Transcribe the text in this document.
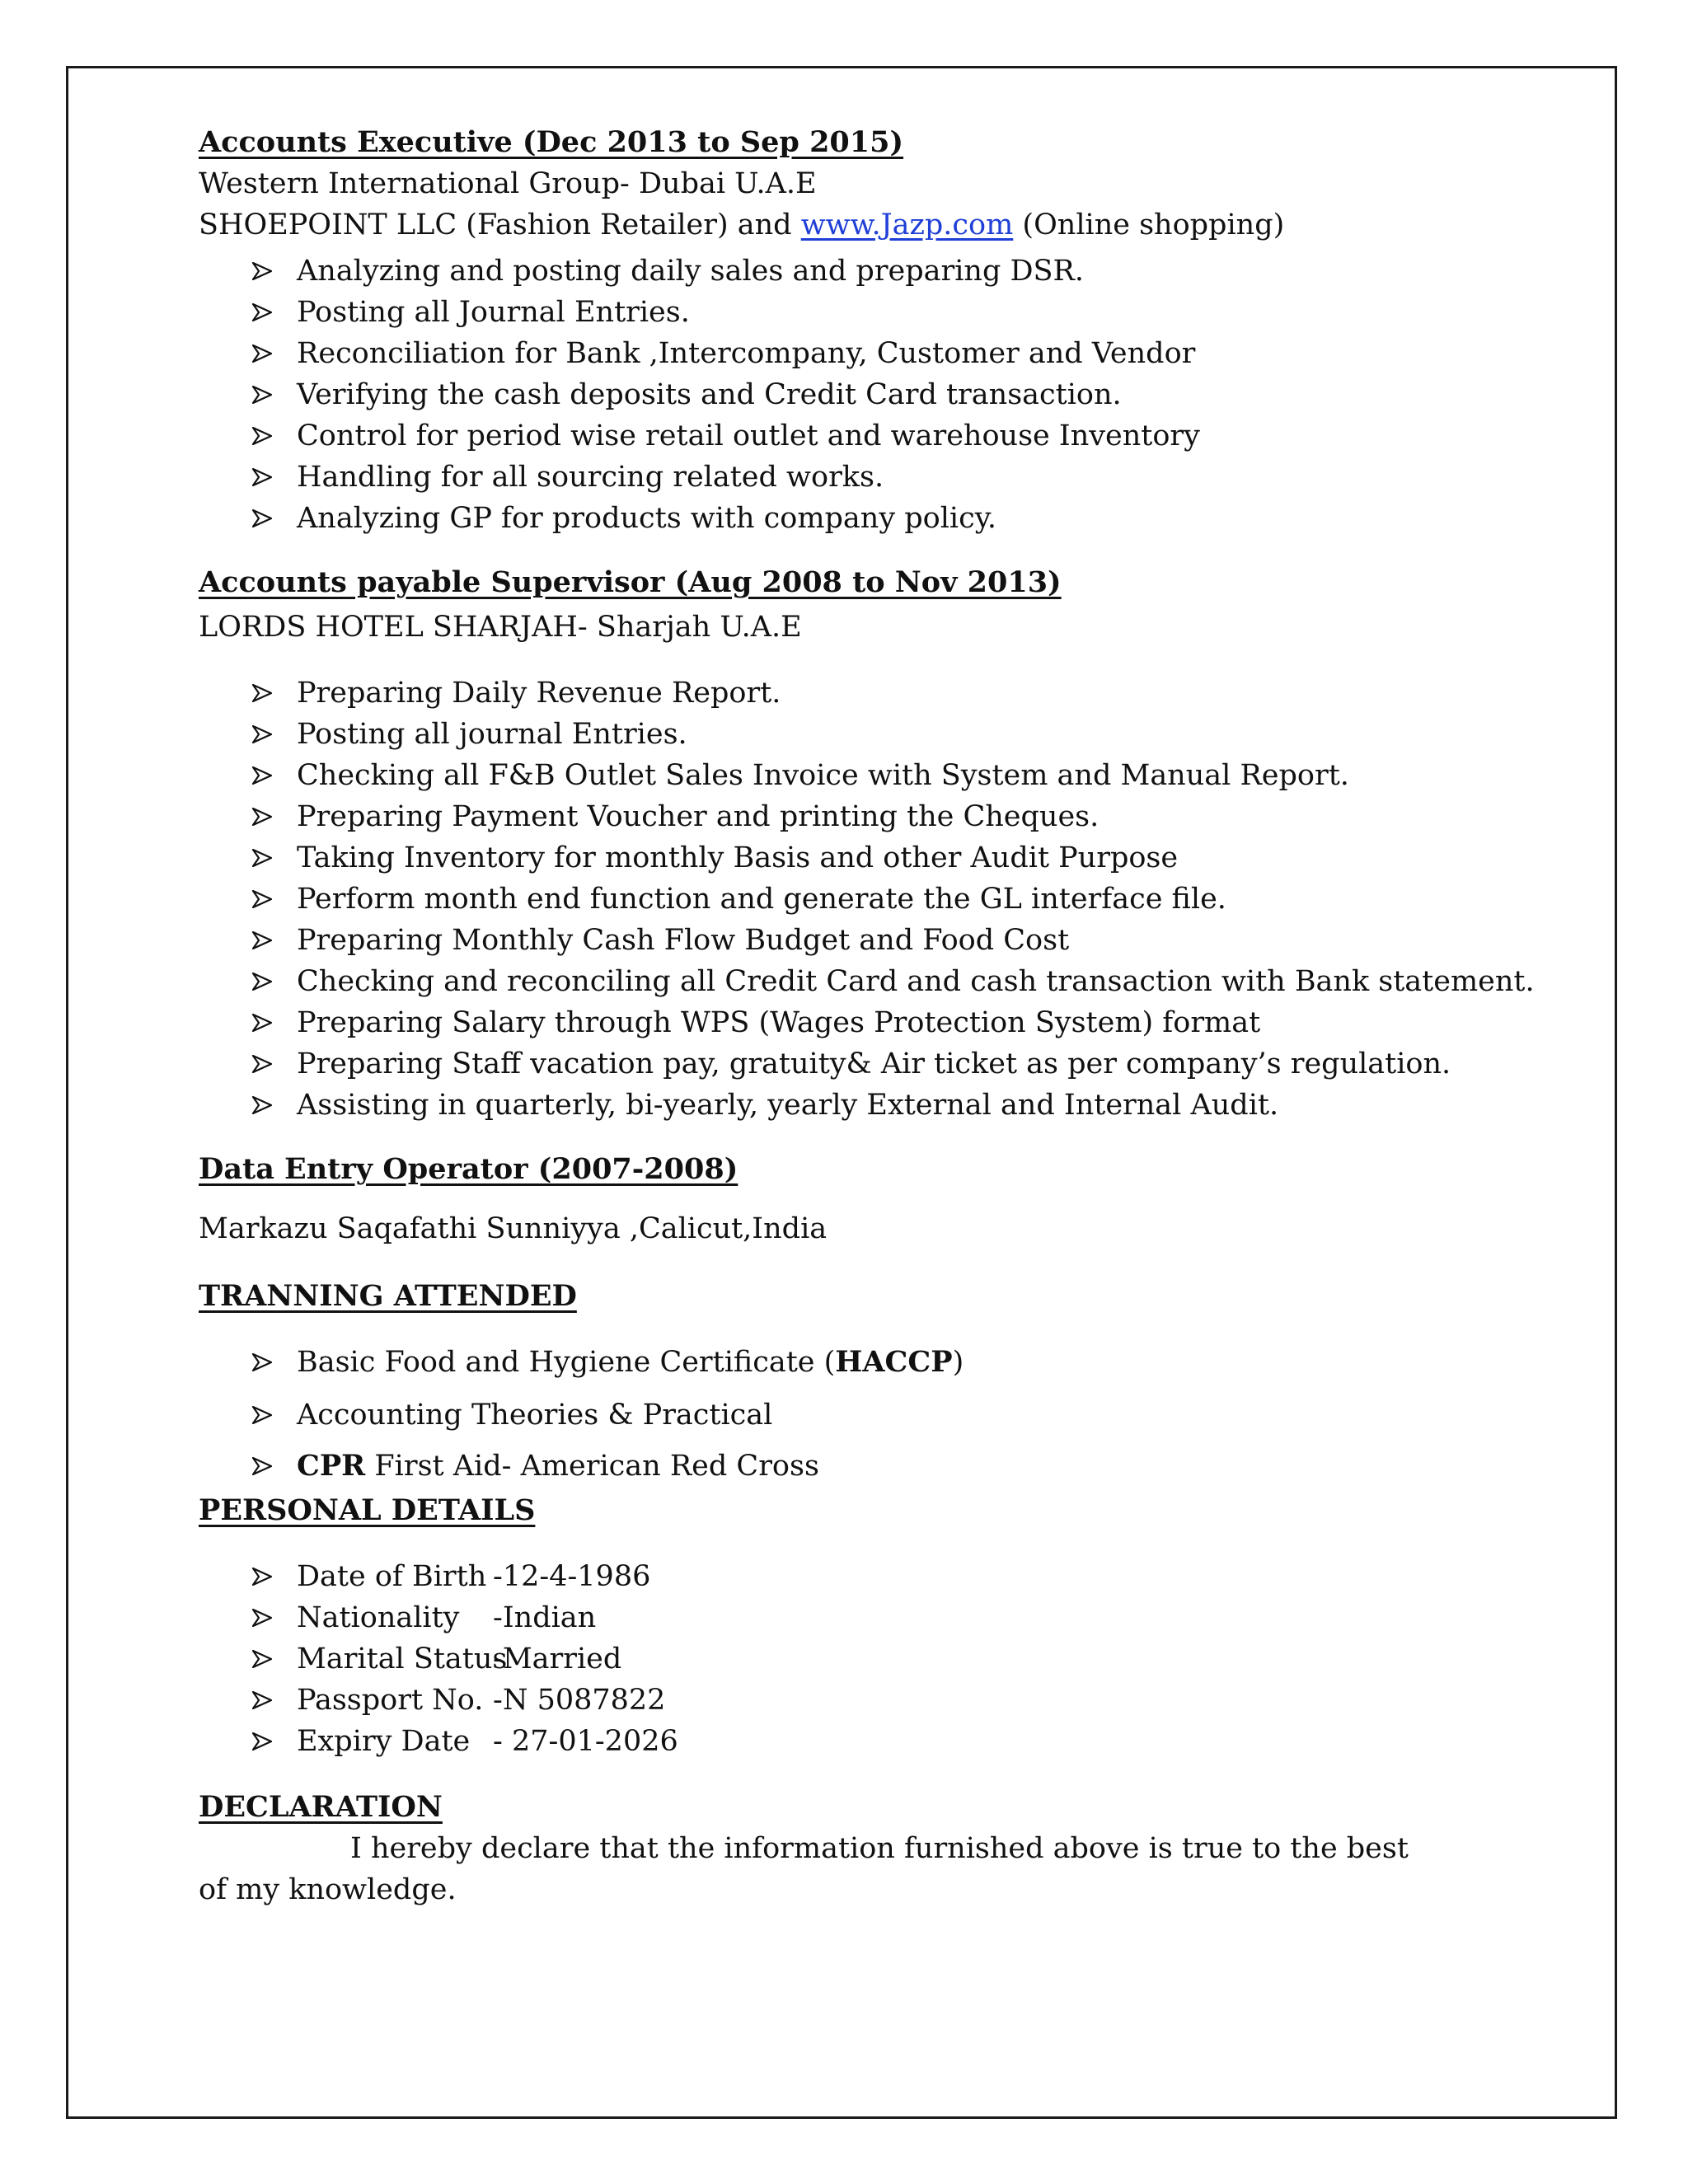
Accounts Executive (Dec 2013 to Sep 2015)

Western International Group- Dubai U.A.E

SHOEPOINT LLC (Fashion Retailer) and www.Jazp.com (Online shopping)

Analyzing and posting daily sales and preparing DSR.
Posting all Journal Entries.
Reconciliation for Bank ,Intercompany, Customer and Vendor
Verifying the cash deposits and Credit Card transaction.
Control for period wise retail outlet and warehouse Inventory
Handling for all sourcing related works.
Analyzing GP for products with company policy.

Accounts payable Supervisor (Aug 2008 to Nov 2013)

LORDS HOTEL SHARJAH- Sharjah U.A.E

Preparing Daily Revenue Report.
Posting all journal Entries.
Checking all F&B Outlet Sales Invoice with System and Manual Report.
Preparing Payment Voucher and printing the Cheques.
Taking Inventory for monthly Basis and other Audit Purpose
Perform month end function and generate the GL interface file.
Preparing Monthly Cash Flow Budget and Food Cost
Checking and reconciling all Credit Card and cash transaction with Bank statement.
Preparing Salary through WPS (Wages Protection System) format
Preparing Staff vacation pay, gratuity& Air ticket as per company’s regulation.
Assisting in quarterly, bi-yearly, yearly External and Internal Audit.

Data Entry Operator (2007-2008)

Markazu Saqafathi Sunniyya ,Calicut,India

TRANNING ATTENDED

Basic Food and Hygiene Certificate (HACCP)
Accounting Theories & Practical
CPR First Aid- American Red Cross

PERSONAL DETAILS

Date of Birth -12-4-1986
Nationality -Indian
Marital Status-Married
Passport No. -N 5087822
Expiry Date - 27-01-2026

DECLARATION

I hereby declare that the information furnished above is true to the best of my knowledge.
